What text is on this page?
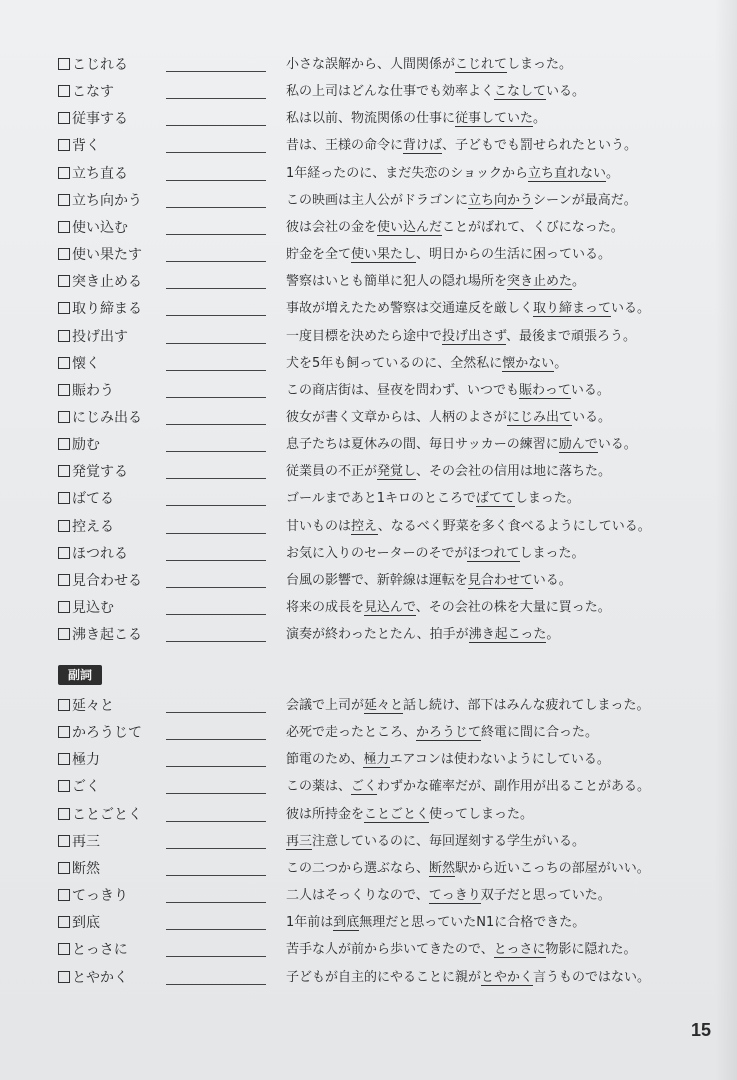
こじれる	小さな誤解から、人間関係がこじれてしまった。
こなす	私の上司はどんな仕事でも効率よくこなしている。
従事する	私は以前、物流関係の仕事に従事していた。
背く	昔は、王様の命令に背けば、子どもでも罰せられたという。
立ち直る	1年経ったのに、まだ失恋のショックから立ち直れない。
立ち向かう	この映画は主人公がドラゴンに立ち向かうシーンが最高だ。
使い込む	彼は会社の金を使い込んだことがばれて、くびになった。
使い果たす	貯金を全て使い果たし、明日からの生活に困っている。
突き止める	警察はいとも簡単に犯人の隠れ場所を突き止めた。
取り締まる	事故が増えたため警察は交通違反を厳しく取り締まっている。
投げ出す	一度目標を決めたら途中で投げ出さず、最後まで頑張ろう。
懐く	犬を5年も飼っているのに、全然私に懐かない。
賑わう	この商店街は、昼夜を問わず、いつでも賑わっている。
にじみ出る	彼女が書く文章からは、人柄のよさがにじみ出ている。
励む	息子たちは夏休みの間、毎日サッカーの練習に励んでいる。
発覚する	従業員の不正が発覚し、その会社の信用は地に落ちた。
ばてる	ゴールまであと1キロのところでばててしまった。
控える	甘いものは控え、なるべく野菜を多く食べるようにしている。
ほつれる	お気に入りのセーターのそでがほつれてしまった。
見合わせる	台風の影響で、新幹線は運転を見合わせている。
見込む	将来の成長を見込んで、その会社の株を大量に買った。
沸き起こる	演奏が終わったとたん、拍手が沸き起こった。
副詞
延々と	会議で上司が延々と話し続け、部下はみんな疲れてしまった。
かろうじて	必死で走ったところ、かろうじて終電に間に合った。
極力	節電のため、極力エアコンは使わないようにしている。
ごく	この薬は、ごくわずかな確率だが、副作用が出ることがある。
ことごとく	彼は所持金をことごとく使ってしまった。
再三	再三注意しているのに、毎回遅刻する学生がいる。
断然	この二つから選ぶなら、断然駅から近いこっちの部屋がいい。
てっきり	二人はそっくりなので、てっきり双子だと思っていた。
到底	1年前は到底無理だと思っていたN1に合格できた。
とっさに	苦手な人が前から歩いてきたので、とっさに物影に隠れた。
とやかく	子どもが自主的にやることに親がとやかく言うものではない。
15
